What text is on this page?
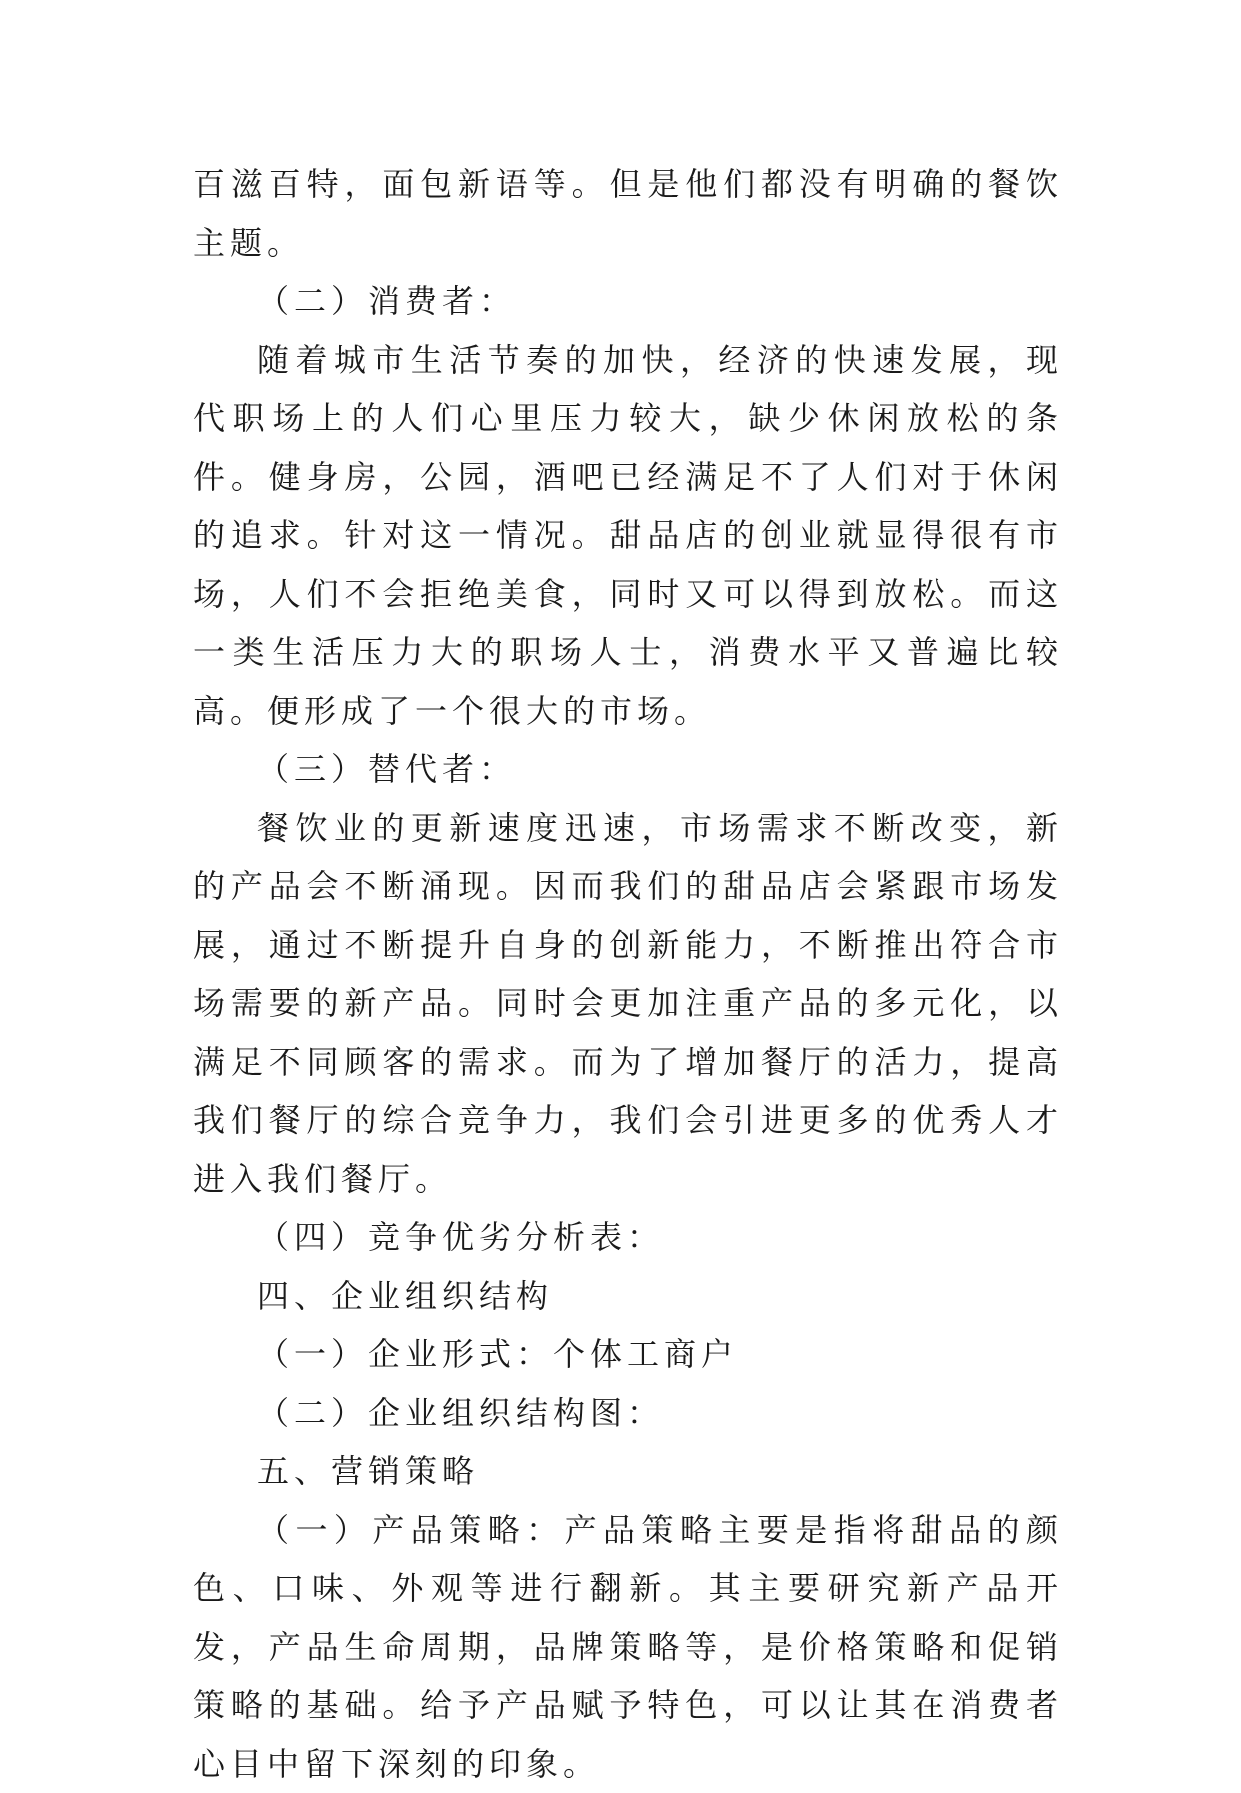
百滋百特，面包新语等。但是他们都没有明确的餐饮主题。

（二）消费者：

随着城市生活节奏的加快，经济的快速发展，现代职场上的人们心里压力较大，缺少休闲放松的条件。健身房，公园，酒吧已经满足不了人们对于休闲的追求。针对这一情况。甜品店的创业就显得很有市场，人们不会拒绝美食，同时又可以得到放松。而这一类生活压力大的职场人士，消费水平又普遍比较高。便形成了一个很大的市场。

（三）替代者：

餐饮业的更新速度迅速，市场需求不断改变，新的产品会不断涌现。因而我们的甜品店会紧跟市场发展，通过不断提升自身的创新能力，不断推出符合市场需要的新产品。同时会更加注重产品的多元化，以满足不同顾客的需求。而为了增加餐厅的活力，提高我们餐厅的综合竞争力，我们会引进更多的优秀人才进入我们餐厅。

（四）竞争优劣分析表：

四、企业组织结构

（一）企业形式：个体工商户

（二）企业组织结构图：

五、营销策略

（一）产品策略：产品策略主要是指将甜品的颜色、口味、外观等进行翻新。其主要研究新产品开发，产品生命周期，品牌策略等，是价格策略和促销策略的基础。给予产品赋予特色，可以让其在消费者心目中留下深刻的印象。
